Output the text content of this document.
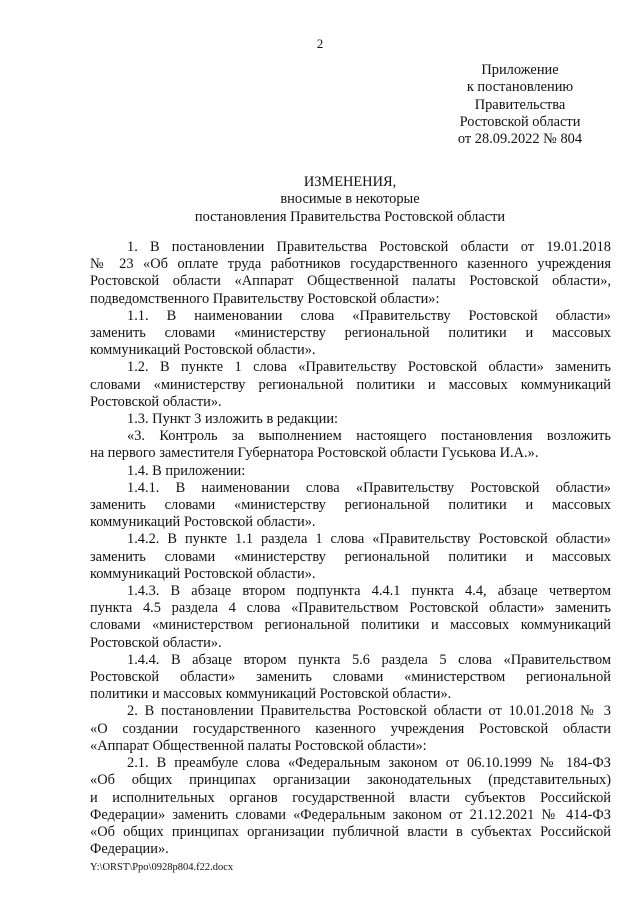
2
Приложение
к постановлению
Правительства
Ростовской области
от 28.09.2022 № 804
ИЗМЕНЕНИЯ,
вносимые в некоторые
постановления Правительства Ростовской области
1. В постановлении Правительства Ростовской области от 19.01.2018
№ 23 «Об оплате труда работников государственного казенного учреждения
Ростовской области «Аппарат Общественной палаты Ростовской области»,
подведомственного Правительству Ростовской области»:
1.1. В наименовании слова «Правительству Ростовской области»
заменить словами «министерству региональной политики и массовых
коммуникаций Ростовской области».
1.2. В пункте 1 слова «Правительству Ростовской области» заменить
словами «министерству региональной политики и массовых коммуникаций
Ростовской области».
1.3. Пункт 3 изложить в редакции:
«3. Контроль за выполнением настоящего постановления возложить
на первого заместителя Губернатора Ростовской области Гуськова И.А.».
1.4. В приложении:
1.4.1. В наименовании слова «Правительству Ростовской области»
заменить словами «министерству региональной политики и массовых
коммуникаций Ростовской области».
1.4.2. В пункте 1.1 раздела 1 слова «Правительству Ростовской области»
заменить словами «министерству региональной политики и массовых
коммуникаций Ростовской области».
1.4.3. В абзаце втором подпункта 4.4.1 пункта 4.4, абзаце четвертом
пункта 4.5 раздела 4 слова «Правительством Ростовской области» заменить
словами «министерством региональной политики и массовых коммуникаций
Ростовской области».
1.4.4. В абзаце втором пункта 5.6 раздела 5 слова «Правительством
Ростовской области» заменить словами «министерством региональной
политики и массовых коммуникаций Ростовской области».
2. В постановлении Правительства Ростовской области от 10.01.2018 № 3
«О создании государственного казенного учреждения Ростовской области
«Аппарат Общественной палаты Ростовской области»:
2.1. В преамбуле слова «Федеральным законом от 06.10.1999 № 184-ФЗ
«Об общих принципах организации законодательных (представительных)
и исполнительных органов государственной власти субъектов Российской
Федерации» заменить словами «Федеральным законом от 21.12.2021 № 414-ФЗ
«Об общих принципах организации публичной власти в субъектах Российской
Федерации».
Y:\ORST\Ppo\0928p804.f22.docx
